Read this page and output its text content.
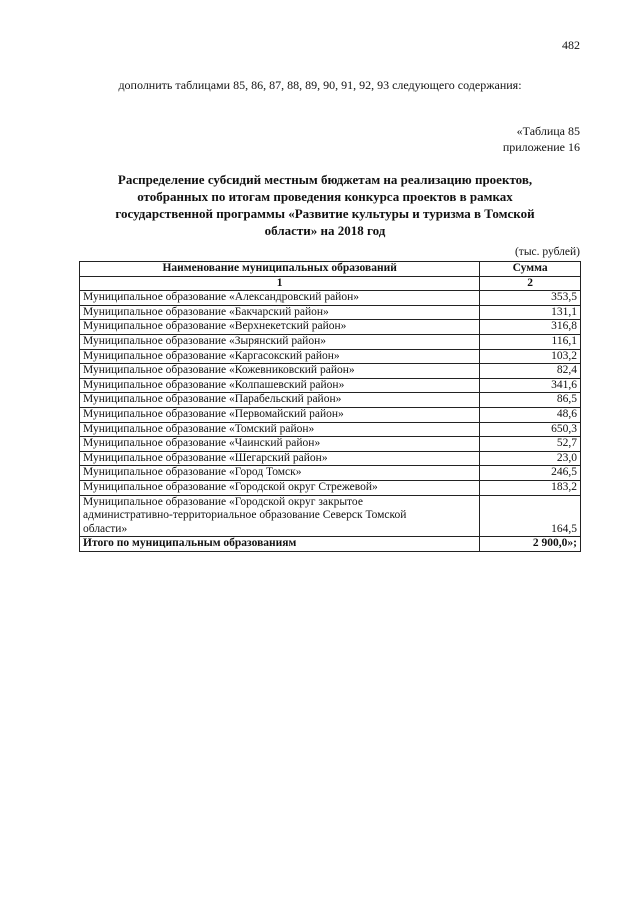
482
дополнить таблицами 85, 86, 87, 88, 89, 90, 91, 92, 93 следующего содержания:
«Таблица 85
приложение 16
Распределение субсидий местным бюджетам на реализацию проектов,
отобранных по итогам проведения конкурса проектов в рамках
государственной программы «Развитие культуры и туризма в Томской
области» на 2018 год
(тыс. рублей)
Наименование муниципальных образований	Сумма
1	2
Муниципальное образование «Александровский район»	353,5
Муниципальное образование «Бакчарский район»	131,1
Муниципальное образование «Верхнекетский район»	316,8
Муниципальное образование «Зырянский район»	116,1
Муниципальное образование «Каргасокский район»	103,2
Муниципальное образование «Кожевниковский район»	82,4
Муниципальное образование «Колпашевский район»	341,6
Муниципальное образование «Парабельский район»	86,5
Муниципальное образование «Первомайский район»	48,6
Муниципальное образование «Томский район»	650,3
Муниципальное образование «Чаинский район»	52,7
Муниципальное образование «Шегарский район»	23,0
Муниципальное образование «Город Томск»	246,5
Муниципальное образование «Городской округ Стрежевой»	183,2

Муниципальное образование «Городской округ закрытое
административно-территориальное образование Северск Томской
области»	164,5
Итого по муниципальным образованиям	2 900,0»;
